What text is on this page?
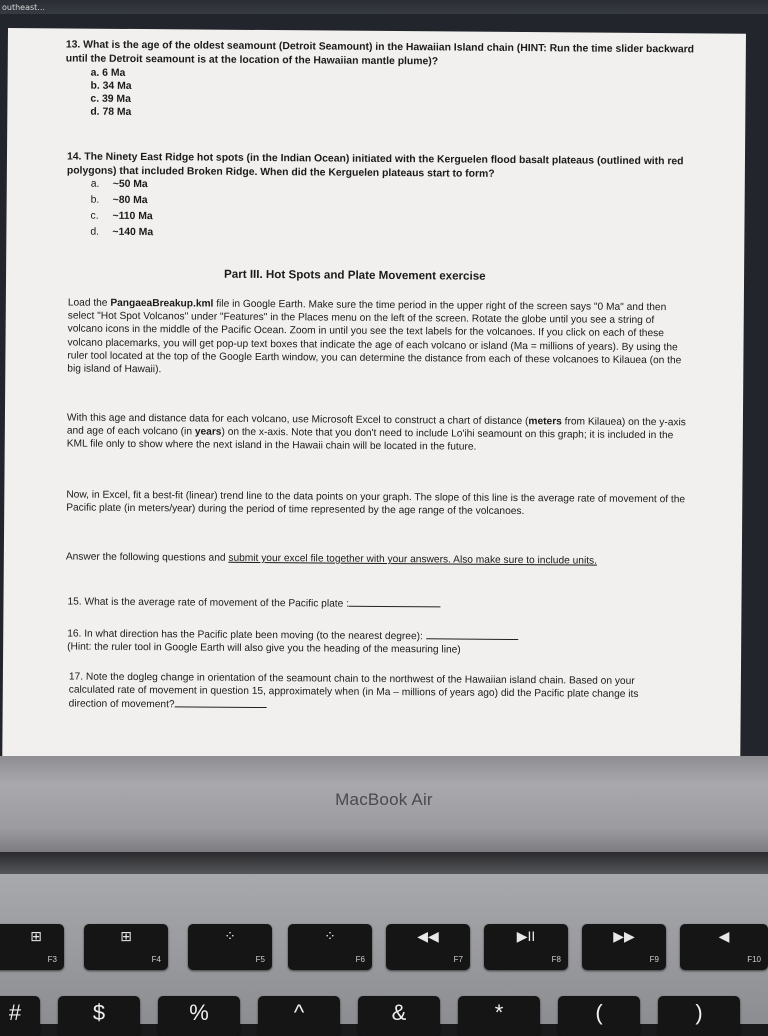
outheast...
13. What is the age of the oldest seamount (Detroit Seamount) in the Hawaiian Island chain (HINT: Run the time slider backward until the Detroit seamount is at the location of the Hawaiian mantle plume)?
a. 6 Ma
b. 34 Ma
c. 39 Ma
d. 78 Ma
14. The Ninety East Ridge hot spots (in the Indian Ocean) initiated with the Kerguelen flood basalt plateaus (outlined with red polygons) that included Broken Ridge. When did the Kerguelen plateaus start to form?
a. ~50 Ma
b. ~80 Ma
c. ~110 Ma
d. ~140 Ma
Part III. Hot Spots and Plate Movement exercise
Load the PangaeaBreakup.kml file in Google Earth. Make sure the time period in the upper right of the screen says "0 Ma" and then select "Hot Spot Volcanos" under "Features" in the Places menu on the left of the screen. Rotate the globe until you see a string of volcano icons in the middle of the Pacific Ocean. Zoom in until you see the text labels for the volcanoes. If you click on each of these volcano placemarks, you will get pop-up text boxes that indicate the age of each volcano or island (Ma = millions of years). By using the ruler tool located at the top of the Google Earth window, you can determine the distance from each of these volcanoes to Kilauea (on the big island of Hawaii).
With this age and distance data for each volcano, use Microsoft Excel to construct a chart of distance (meters from Kilauea) on the y-axis and age of each volcano (in years) on the x-axis. Note that you don't need to include Lo'ihi seamount on this graph; it is included in the KML file only to show where the next island in the Hawaii chain will be located in the future.
Now, in Excel, fit a best-fit (linear) trend line to the data points on your graph. The slope of this line is the average rate of movement of the Pacific plate (in meters/year) during the period of time represented by the age range of the volcanoes.
Answer the following questions and submit your excel file together with your answers. Also make sure to include units.
15. What is the average rate of movement of the Pacific plate :
16. In what direction has the Pacific plate been moving (to the nearest degree):
(Hint: the ruler tool in Google Earth will also give you the heading of the measuring line)
17. Note the dogleg change in orientation of the seamount chain to the northwest of the Hawaiian island chain. Based on your calculated rate of movement in question 15, approximately when (in Ma – millions of years ago) did the Pacific plate change its direction of movement?
MacBook Air
⊞
F3
⊞
F4
⁘
F5
⁘
F6
◀◀
F7
▶II
F8
▶▶
F9
◀
F10
#	$	%	^	&	*	(	)
